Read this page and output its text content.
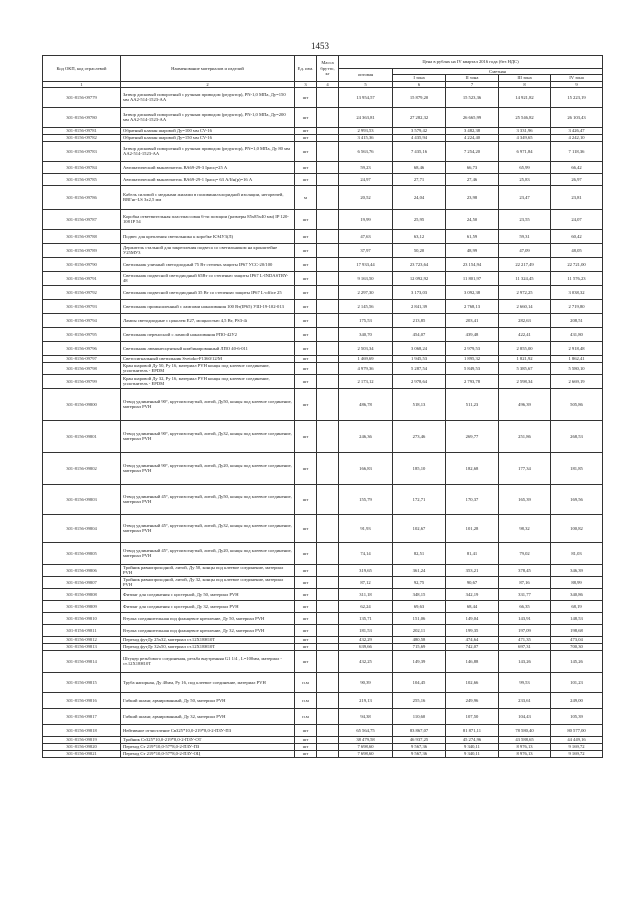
1453
Код ОКП, код отраслевой	Наименование материалов и изделий	Ед. изм.	Масса брутто, кг	Цена в рублях на IV квартал 2016 года (без НДС)				
				оптовая	Сметная			
					I зона	II зона	III зона	IV зона
1	2	3	4	5	6	7	8	9
301-8156-09779	Затвор дисковый поворотный с ручным приводом (редуктор), PN-1,0 МПа, Ду=150 мм АА2-514-1523-АА	шт		13 954,57	15 879,20	15 523,36	14 921,82	15 223,19
301-8156-09780	Затвор дисковый поворотный с ручным приводом (редуктор), PN-1,0 МПа, Ду=200 мм АА2-514-1523-АА	шт		24 363,81	27 282,32	26 665,99	25 546,82	26 103,43
301-8156-09781	Обратный клапан шаровой Ду=100 мм CV-16	шт		2 993,53	3 579,42	3 482,38	3 331,96	3 426,47
301-8156-09782	Обратный клапан шаровой Ду=150 мм CV-16	шт		3 415,36	4 435,94	4 224,40	4 349,65	4 242,10
301-8156-09783	Затвор дисковый поворотный с ручным приводом (редуктор), PN=1,0 МПа, Ду 80 мм АА2-514-1523-АА	шт		6 563,76	7 435,16	7 254,20	6 971,84	7 118,36
301-8156-09784	Автоматический выключатель ВА69-29-3 Iрасц=25 А	шт		59,23	68,46	66,73	65,99	66,42
301-8156-09785	Автоматический выключатель ВА69-29-1 Iрасц= 63 А/Ifн(р)=16 А	шт		24,97	27,71	27,46	25,83	26,97
301-8156-09786	Кабель силовой с медными жилами в поливинилхлоридной изоляции, негорючей, ВВГнг-LS 3х2,5 мм	м		20,52	24,04	23,98	23,47	23,81
301-8156-09787	Коробка ответвительная пластмассовая 6-ти позиции (размеры 85х85х40 мм) IP 120-108 IP 54	шт		19,99	25,95	24,50	23,55	24,07
301-8156-09788	Подвес для крепления светильника к коробке КЭ4У3(Л)	шт		47,63	63,12	61,59	59,31	60,42
301-8156-09789	Держатель стальной для закрепления подвеса со светильником на кронштейне У25МУ3	шт		37,97	50,20	48,99	47,09	48,05
301-8156-09790	Светильник уличный светодиодный 75 Вт степень защиты IP67 УСС-20/100	шт		17 933,44	23 723,64	23 154,94	22 217,49	22 721,00
301-8156-09791	Светильник подвесной светодиодный 65Вт со степенью защиты IP67 L-INDASTRY-48	шт		9 163,50	12 092,92	11 801,97	11 324,45	11 576,23
301-8156-09792	Светильник подвесной светодиодный 35 Вт со степенью защиты IP67 L-office 25	шт		2 297,30	3 173,03	3 092,38	2 972,25	3 038,32
301-8156-09793	Светильник промышленный с лампами накаливания 100 Вт(IP65) УШ-19-102-013	шт		2 145,56	2 841,39	2 768,13	2 660,14	2 719,80
301-8156-09794	Лампы светодиодные с цоколем Е27, мощностью 4,5 Вт, PS3-4i	шт		175,53	213,85	203,41	282,63	208,51
301-8156-09795	Светильник переносной с лампой накаливания РПО-42У2	шт		340,70	454,07	439,48	422,41	431,80
301-8156-09796	Светильник люминесцентный комбинированный ЛПО 40-6-011	шт		2 503,34	3 068,24	2 979,53	2 855,00	2 918,48
301-8156-09797	Светосигнальный светильник Svetoko-F1360/12/M	шт		1 469,69	1 945,53	1 895,32	1 821,92	1 862,41
301-8156-09798	Кран шаровой Ду 50, Ру 16, материал PVH концы под клеевое соединение, уплотнитель - EPDM	шт		4 979,36	5 287,54	5 849,53	5 385,67	5 580,10
301-8156-09799	Кран шаровой Ду 32, Ру 16, материал PVH концы под клеевое соединение, уплотнитель - EPDM	шт		2 173,12	2 978,64	2 793,78	2 598,34	2 669,19
301-8156-09800	Отвод удлиненный 90°, крутоизогнутый, литой, Ду50, концы под клеевое соединение, материал PVH	шт		486,78	518,13	511,23	496,39	505,86
301-8156-09801	Отвод удлиненный 90°, крутоизогнутый, литой, Ду32, концы под клеевое соединение, материал PVH	шт		246,36	273,46	269,77	251,86	268,53
301-8156-09802	Отвод удлиненный 90°, крутоизогнутый, литой, Ду20, концы под клеевое соединение, материал PVH	шт		166,83	185,10	182,68	177,34	181,85
301-8156-09803	Отвод удлиненный 45°, крутоизогнутый, литой, Ду50, концы под клеевое соединение, материал PVH	шт		155,79	172,71	170,37	165,39	169,56
301-8156-09804	Отвод удлиненный 45°, крутоизогнутый, литой, Ду32, концы под клеевое соединение, материал PVH	шт		91,93	102,67	101,28	98,32	100,82
301-8156-09805	Отвод удлиненный 45°, крутоизогнутый, литой, Ду20, концы под клеевое соединение, материал PVH	шт		74,14	82,51	81,41	79,02	81,03
301-8156-09806	Тройник равнопроходной, литой, Ду 50, концы под клеевое соединение, материал PVH	шт		319,65	361,24	353,21	378,45	346,39
301-8156-09807	Тройник равнопроходной, литой, Ду 32, концы под клеевое соединение, материал PVH	шт		87,12	92,75	90,67	87,16	88,99
301-8156-09808	Фитинг для соединения с цистерной, Ду 50, материал PVH	шт		311,18	348,15	342,19	331,77	340,86
301-8156-09809	Фитинг для соединения с цистерной, Ду 32, материал PVH	шт		62,24	69,63	68,44	66,35	68,19
301-8156-09810	Втулка соединительная под фланцевое крепление, Ду 50, материал PVH	шт		135,71	151,06	149,04	143,91	148,53
301-8156-09811	Втулка соединительная под фланцевое крепление, Ду 32, материал PVH	шт		181,53	202,11	199,35	197,09	198,68
301-8156-09812	Переход футДу 25х32, материал ст.12Х18Н10Т	шт		432,29	480,58	474,64	471,35	473,04
301-8156-09813	Переход футДу 32х50, материал ст.12Х18Н10Т	шт		639,66	715,69	742,07	697,31	700,30
301-8156-09814	Штуцер резьбового соединения, резьба внутренняя G1 1/4 , L=100мм, материал - ст.12Х18Н10Т	шт		432,25	149,39	146,88	143,26	145,26
301-8156-09815	Труба напорная, Ду 40мм, Ру 16, под клеевое соединение, материал PVH	п.м		90,39	104,45	102,66	99,53	101,23
301-8156-09816	Гибкий шланг, армированный, Ду 50, материал PVH	п.м		219,13	255,16	249,96	233,61	249,00
301-8156-09817	Гибкий шланг, армированный, Ду 32, материал PVH	п.м		94,38	110,60	107,50	104,43	105,39
301-8156-09818	Нейтивное отчистление Св325*10,0-219*8,0-2-ПЗУ-ПЗ	шт		65 564,75	83 867,07	81 871,11	78 580,40	80 577,00
301-8156-09819	Тройник Ст325*10,0-219*8,0-2-ПЗУ-ОТ	шт		38 479,58	46 937,25	45 274,96	43 588,65	44 449,16
301-8156-09820	Переход Ст 219*10,0-57*8,0-2-ПЗУ-ПЗ	шт		7 698,60	9 567,36	9 340,11	8 976,13	9 169,72
301-8156-09821	Переход Ст 219*10,0-57*8,0-2-ПЗУ-ОЦ	шт		7 698,60	9 567,36	9 340,11	8 976,13	9 169,72
